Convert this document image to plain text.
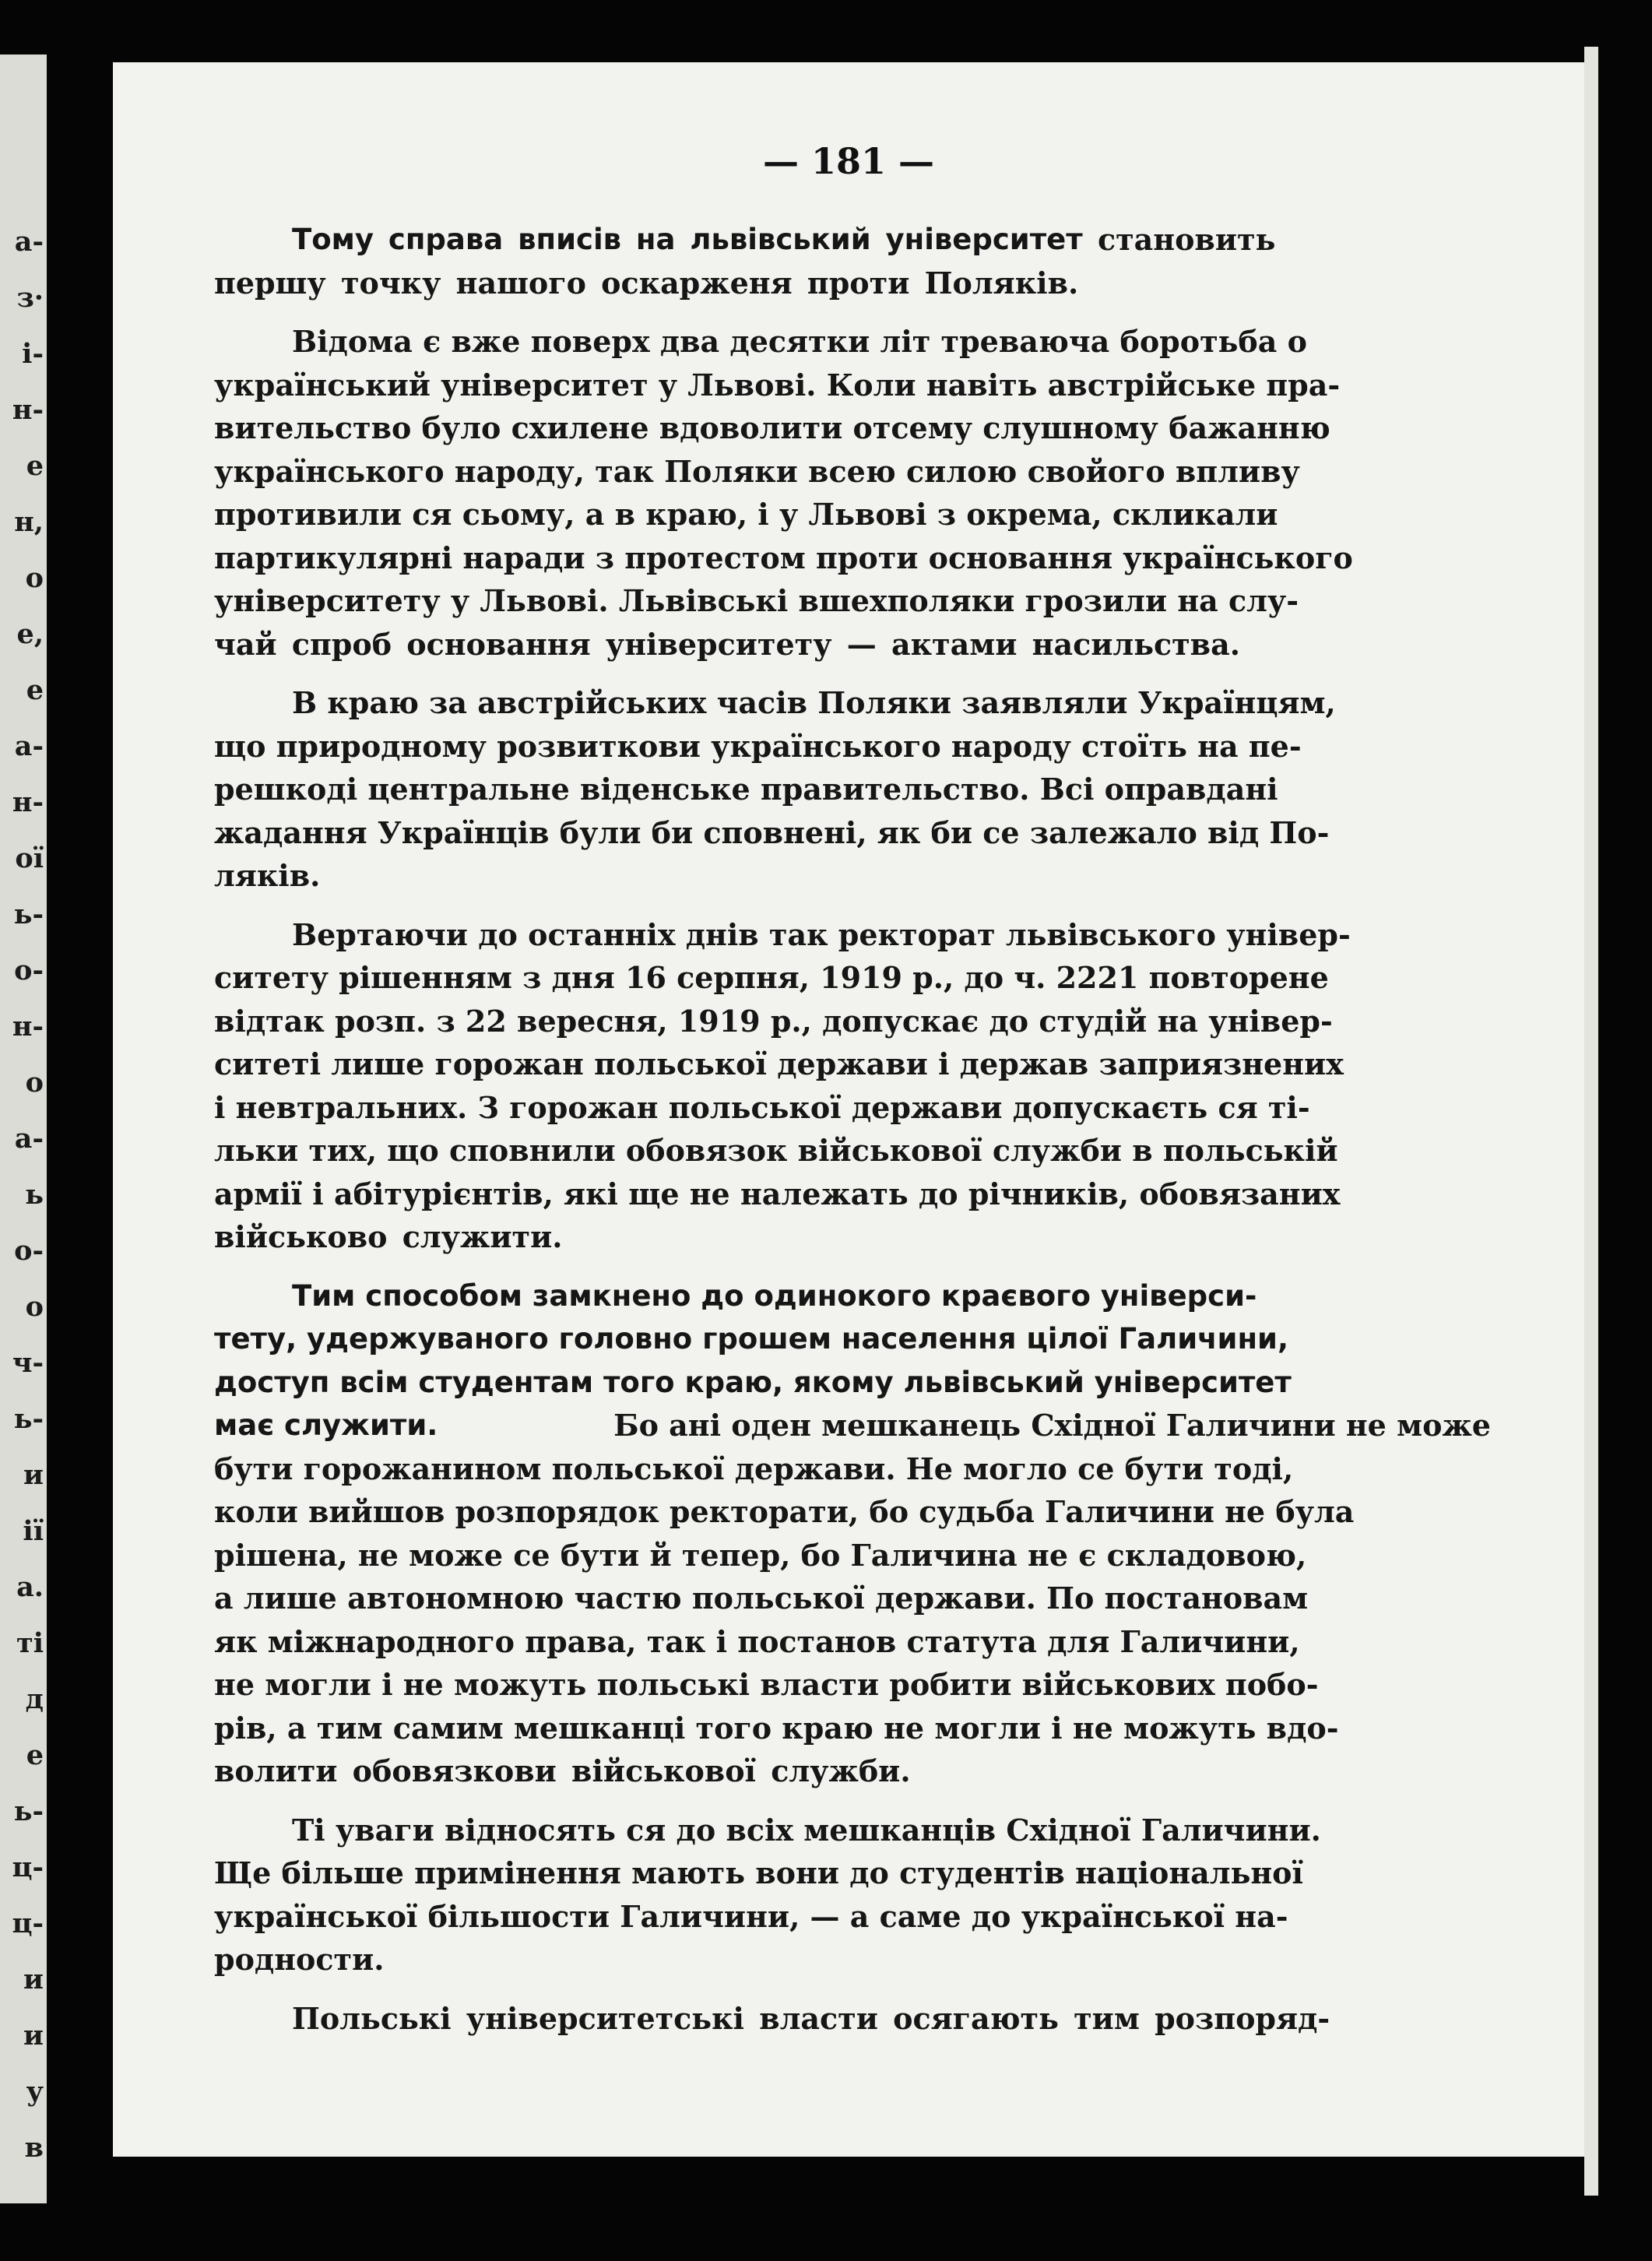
а-
з·
і-
н-
е
н,
о
е,
е
а-
н-
ої
ь-
о-
н-
о
а-
ь
о-
о
ч-
ь-
и
ії
а.
ті
д
е
ь-
ц-
ц-
и
и
у
в
— 181 —
Тому справа вписів на львівський університет становить
першу точку нашого оскарженя проти Поляків.
Відома є вже поверх два десятки літ треваюча боротьба о
український університет у Львові. Коли навіть австрійське пра-
вительство було схилене вдоволити отсему слушному бажанню
українського народу, так Поляки всею силою свойого впливу
противили ся сьому, а в краю, і у Львові з окрема, скликали
партикулярні наради з протестом проти основання українського
університету у Львові. Львівські вшехполяки грозили на слу-
чай спроб основання університету — актами насильства.
В краю за австрійських часів Поляки заявляли Українцям,
що природному розвиткови українського народу стоїть на пе-
решкоді центральне віденське правительство. Всі оправдані
жадання Українців були би сповнені, як би се залежало від По-
ляків.
Вертаючи до останніх днів так ректорат львівського універ-
ситету рішенням з дня 16 серпня, 1919 р., до ч. 2221 повторене
відтак розп. з 22 вересня, 1919 р., допускає до студій на універ-
ситеті лише горожан польської держави і держав заприязнених
і невтральних. З горожан польської держави допускаєть ся ті-
льки тих, що сповнили обовязок військової служби в польській
армії і абітурієнтів, які ще не належать до річників, обовязаних
військово служити.
Тим способом замкнено до одинокого краєвого універси-
тету, удержуваного головно грошем населення цілої Галичини,
доступ всім студентам того краю, якому львівський університет
має служити.	Бо ані оден мешканець Східної Галичини не може
бути горожанином польської держави. Не могло се бути тоді,
коли вийшов розпорядок ректорати, бо судьба Галичини не була
рішена, не може се бути й тепер, бо Галичина не є складовою,
а лише автономною частю польської держави. По постановам
як міжнародного права, так і постанов статута для Галичини,
не могли і не можуть польські власти робити військових побо-
рів, а тим самим мешканці того краю не могли і не можуть вдо-
волити обовязкови військової служби.
Ті уваги відносять ся до всіх мешканців Східної Галичини.
Ще більше примінення мають вони до студентів національної
української більшости Галичини, — а саме до української на-
родности.
Польські університетські власти осягають тим розпоряд-
